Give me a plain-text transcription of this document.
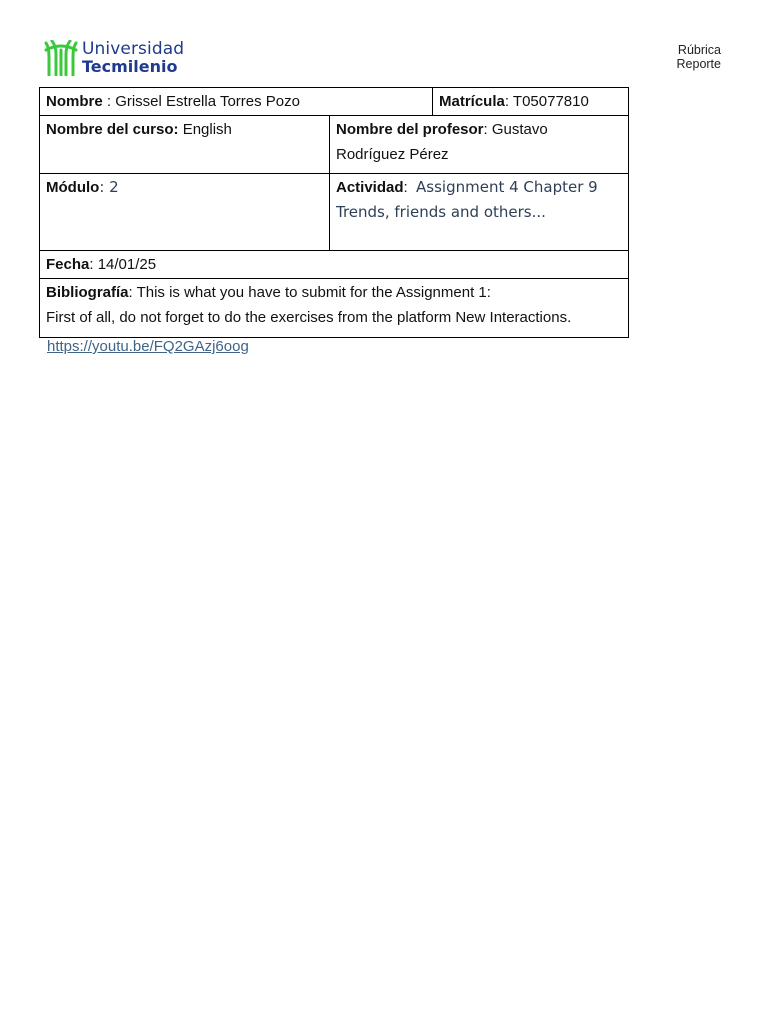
Universidad
Tecmilenio
Rúbrica
Reporte
Nombre : Grissel Estrella Torres Pozo	Matrícula: T05077810
Nombre del curso: English	Nombre del profesor: Gustavo
Rodríguez Pérez
Módulo: 2	Actividad: Assignment 4 Chapter 9
Trends, friends and others...
Fecha: 14/01/25
Bibliografía: This is what you have to submit for the Assignment 1:
First of all, do not forget to do the exercises from the platform New Interactions.
https://youtu.be/FQ2GAzj6oog
